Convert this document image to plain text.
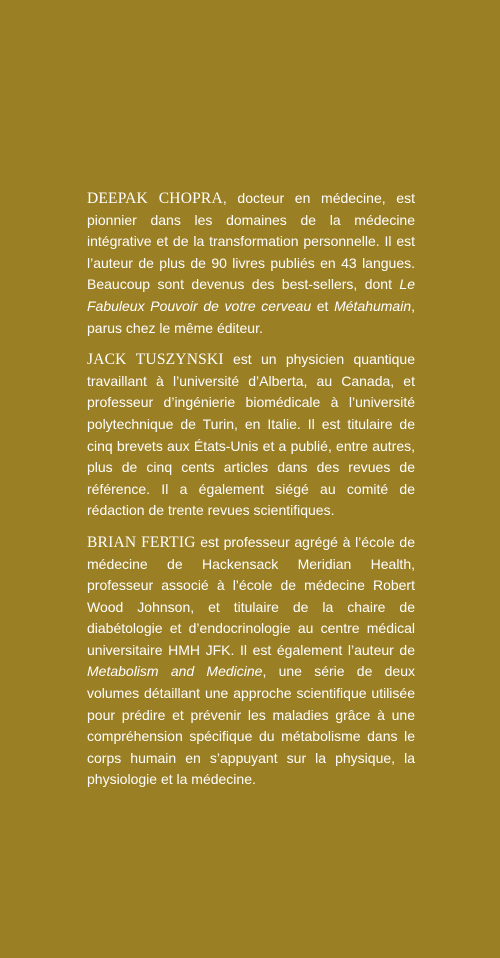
DEEPAK CHOPRA, docteur en médecine, est pionnier dans les domaines de la médecine intégrative et de la transformation personnelle. Il est l’auteur de plus de 90 livres publiés en 43 langues. Beaucoup sont devenus des best-sellers, dont Le Fabuleux Pouvoir de votre cerveau et Métahumain, parus chez le même éditeur.

JACK TUSZYNSKI est un physicien quantique travaillant à l’université d’Alberta, au Canada, et professeur d’ingénierie biomédicale à l’université polytechnique de Turin, en Italie. Il est titulaire de cinq brevets aux États-Unis et a publié, entre autres, plus de cinq cents articles dans des revues de référence. Il a également siégé au comité de rédaction de trente revues scientifiques.

BRIAN FERTIG est professeur agrégé à l’école de médecine de Hackensack Meridian Health, professeur associé à l’école de médecine Robert Wood Johnson, et titulaire de la chaire de diabétologie et d’endocrinologie au centre médical universitaire HMH JFK. Il est également l’auteur de Metabolism and Medicine, une série de deux volumes détaillant une approche scientifique utilisée pour prédire et prévenir les maladies grâce à une compréhension spécifique du métabolisme dans le corps humain en s’appuyant sur la physique, la physiologie et la médecine.
